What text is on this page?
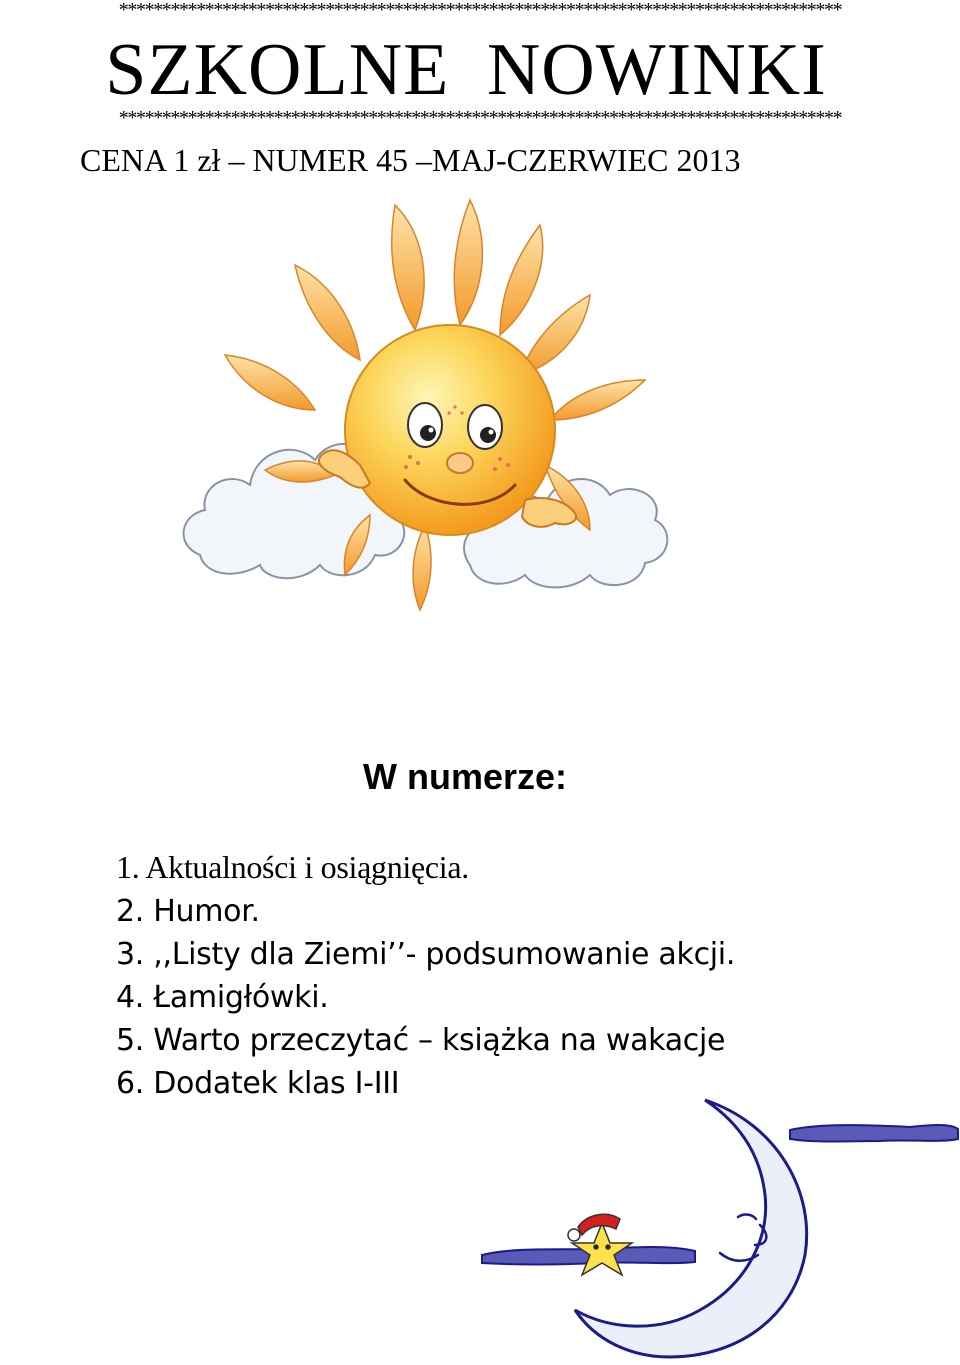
************************************************************************************
SZKOLNE NOWINKI
************************************************************************************
CENA 1 zł – NUMER 45 –MAJ-CZERWIEC 2013
W numerze:
1. Aktualności i osiągnięcia.
2. Humor.
3. ,,Listy dla Ziemi’’- podsumowanie akcji.
4. Łamigłówki.
5. Warto przeczytać – książka na wakacje
6. Dodatek klas I-III
